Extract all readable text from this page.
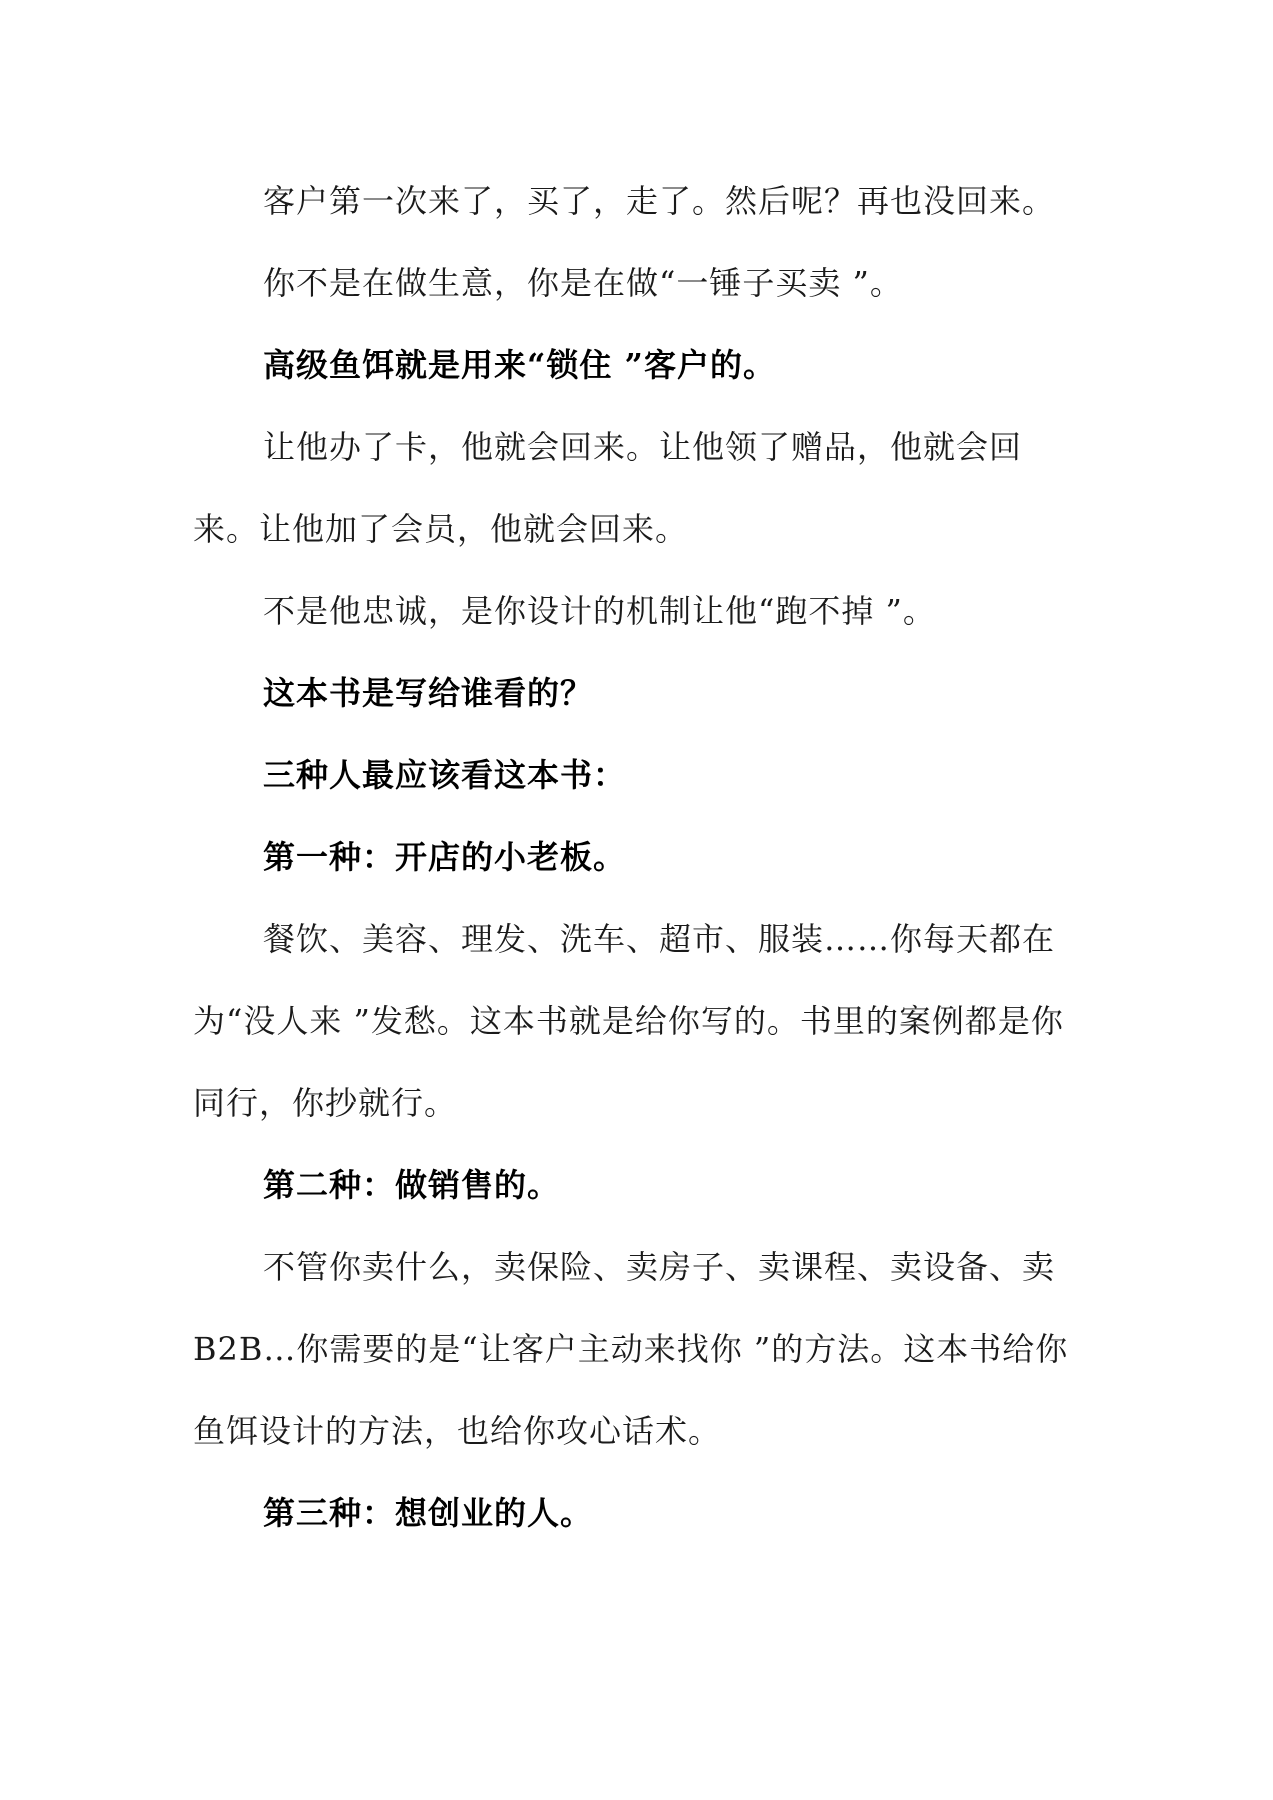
客户第一次来了，买了，走了。然后呢？再也没回来。

你不是在做生意，你是在做“一锤子买卖 ”。

高级鱼饵就是用来“锁住 ”客户的。

让他办了卡，他就会回来。让他领了赠品，他就会回来。让他加了会员，他就会回来。

不是他忠诚，是你设计的机制让他“跑不掉 ”。

这本书是写给谁看的？

三种人最应该看这本书：

第一种：开店的小老板。

餐饮、美容、理发、洗车、超市、服装……你每天都在为“没人来 ”发愁。这本书就是给你写的。书里的案例都是你同行，你抄就行。

第二种：做销售的。

不管你卖什么，卖保险、卖房子、卖课程、卖设备、卖B2B…你需要的是“让客户主动来找你 ”的方法。这本书给你鱼饵设计的方法，也给你攻心话术。

第三种：想创业的人。
